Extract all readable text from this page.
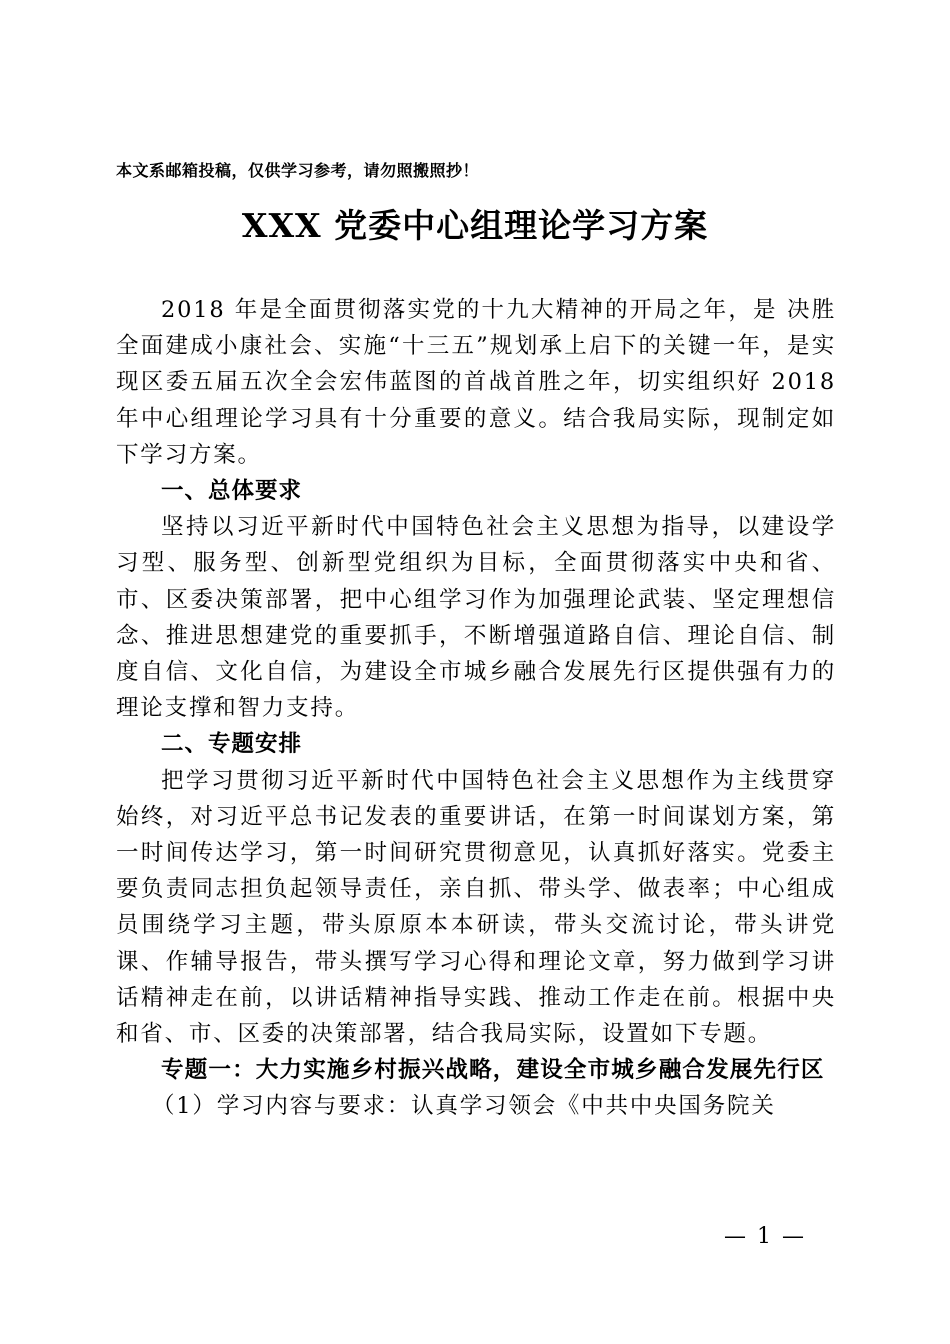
本文系邮箱投稿，仅供学习参考，请勿照搬照抄！
XXX 党委中心组理论学习方案

2018 年是全面贯彻落实党的十九大精神的开局之年，是 决胜全面建成小康社会、实施“十三五”规划承上启下的关键一年，是实现区委五届五次全会宏伟蓝图的首战首胜之年，切实组织好 2018 年中心组理论学习具有十分重要的意义。结合我局实际，现制定如下学习方案。

一、总体要求

坚持以习近平新时代中国特色社会主义思想为指导，以建设学习型、服务型、创新型党组织为目标，全面贯彻落实中央和省、市、区委决策部署，把中心组学习作为加强理论武装、坚定理想信念、推进思想建党的重要抓手，不断增强道路自信、理论自信、制度自信、文化自信，为建设全市城乡融合发展先行区提供强有力的理论支撑和智力支持。

二、专题安排

把学习贯彻习近平新时代中国特色社会主义思想作为主线贯穿始终，对习近平总书记发表的重要讲话，在第一时间谋划方案，第一时间传达学习，第一时间研究贯彻意见，认真抓好落实。党委主要负责同志担负起领导责任，亲自抓、带头学、做表率；中心组成员围绕学习主题，带头原原本本研读，带头交流讨论，带头讲党课、作辅导报告，带头撰写学习心得和理论文章，努力做到学习讲话精神走在前，以讲话精神指导实践、推动工作走在前。根据中央和省、市、区委的决策部署，结合我局实际，设置如下专题。

专题一：大力实施乡村振兴战略，建设全市城乡融合发展先行区

（1）学习内容与要求：认真学习领会《中共中央国务院关

— 1 —
